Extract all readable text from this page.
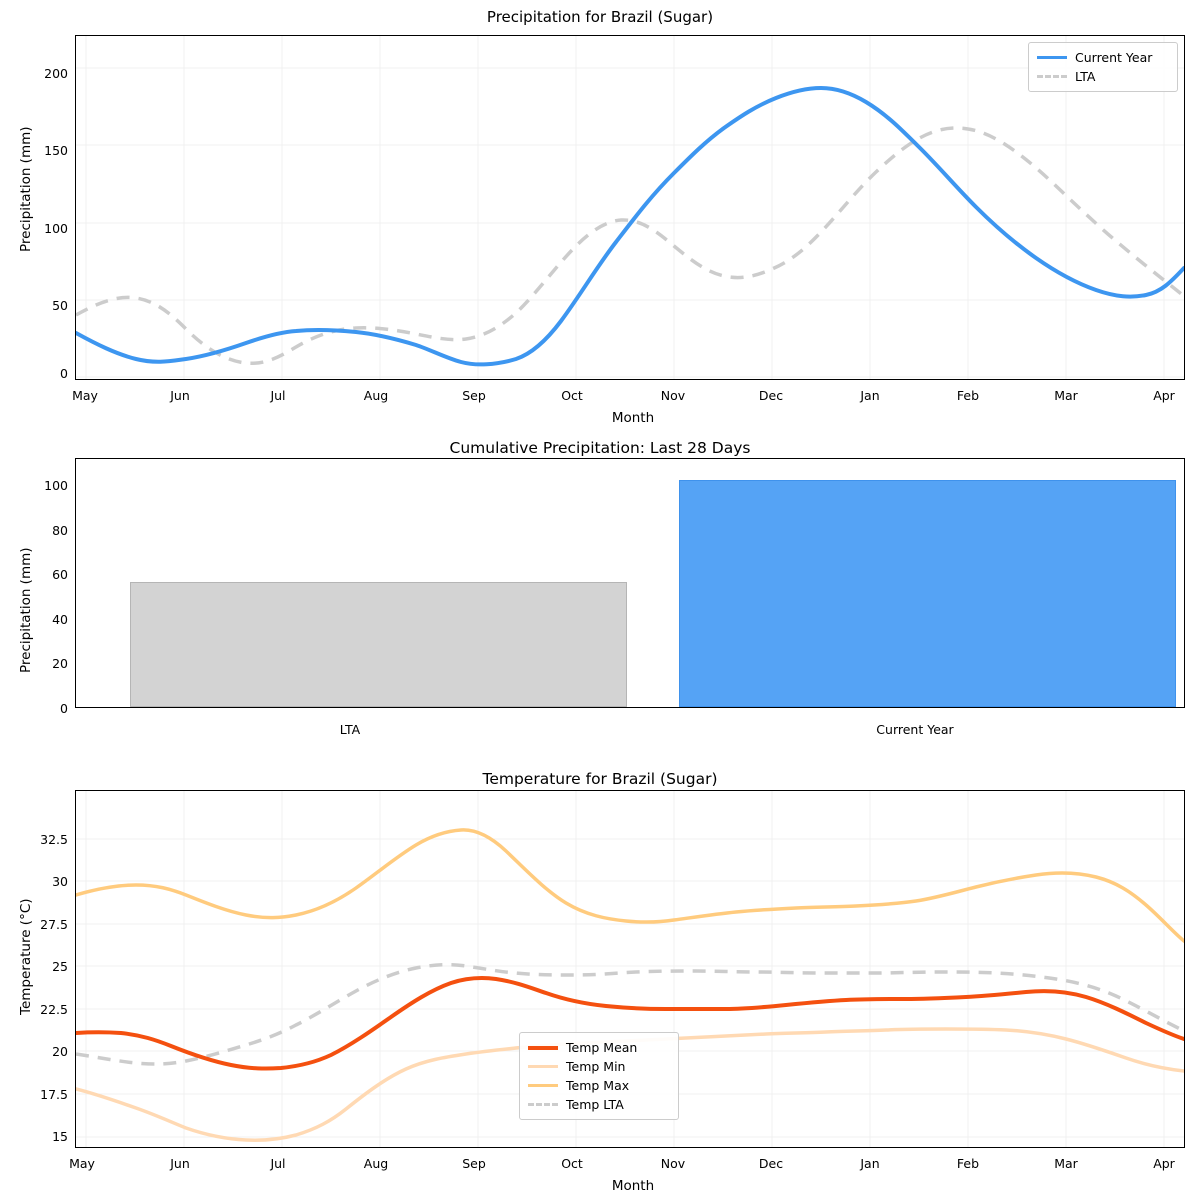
Precipitation for Brazil (Sugar)
Precipitation (mm)
Month
0
50
100
150
200
May	Jun	Jul	Aug	Sep	Oct	Nov	Dec	Jan	Feb	Mar	Apr
Current Year
LTA
Cumulative Precipitation: Last 28 Days
Precipitation (mm)
0
20
40
60
80
100
LTA	Current Year
Temperature for Brazil (Sugar)
Temperature (°C)
Month
15
17.5
20
22.5
25
27.5
30
32.5
May	Jun	Jul	Aug	Sep	Oct	Nov	Dec	Jan	Feb	Mar	Apr
Temp Mean
Temp Min
Temp Max
Temp LTA
